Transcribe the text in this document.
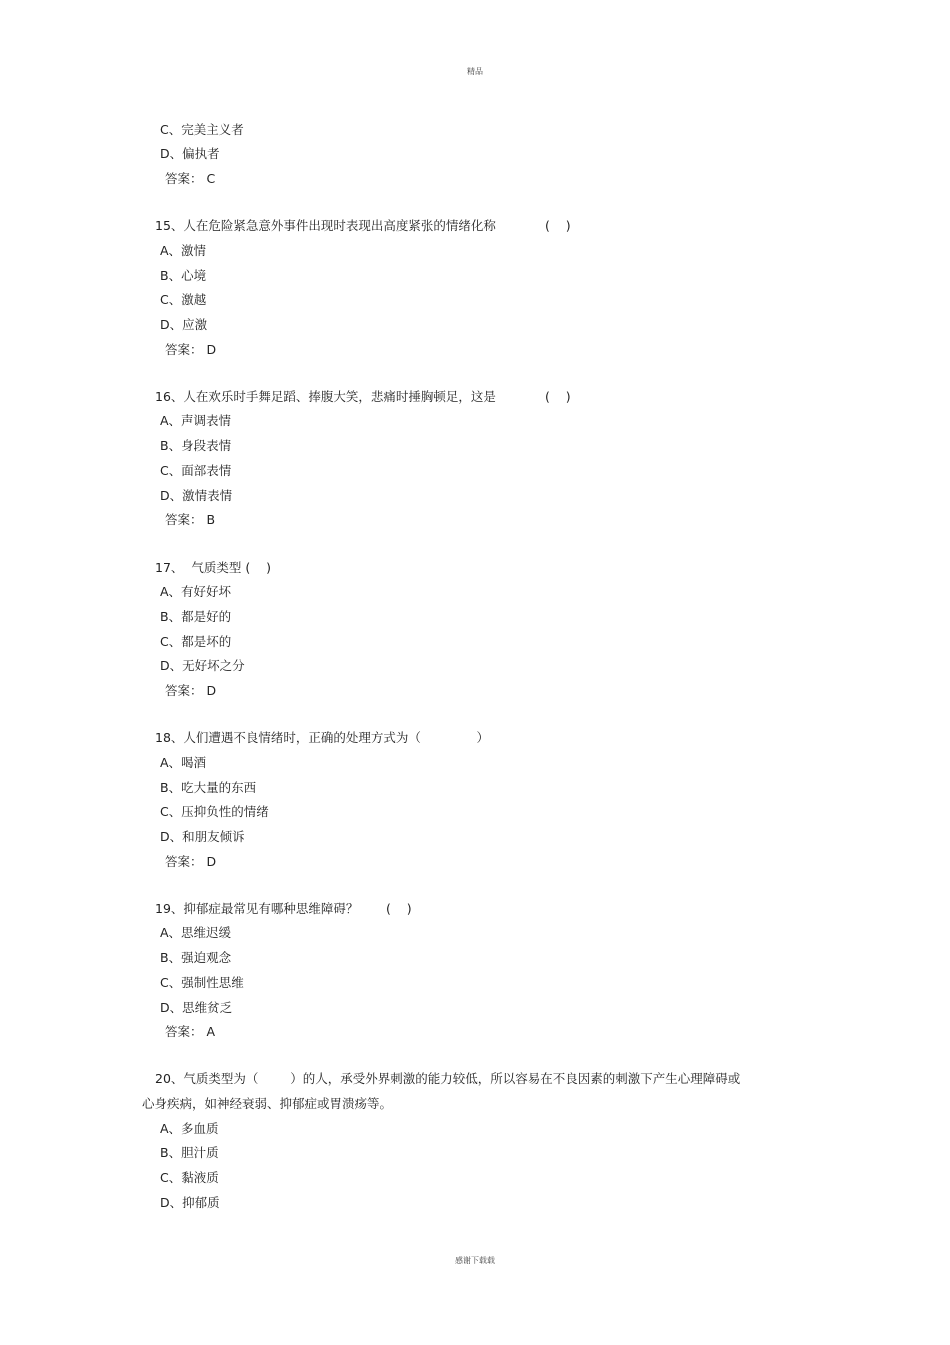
精品
C、完美主义者
D、偏执者
答案： C
15、人在危险紧急意外事件出现时表现出高度紧张的情绪化称	(    )
A、激情
B、心境
C、激越
D、应激
答案： D
16、人在欢乐时手舞足蹈、捧腹大笑，悲痛时捶胸顿足，这是	(    )
A、声调表情
B、身段表情
C、面部表情
D、激情表情
答案： B
17、  气质类型 (    )
A、有好好坏
B、都是好的
C、都是坏的
D、无好坏之分
答案： D
18、人们遭遇不良情绪时，正确的处理方式为（              ）
A、喝酒
B、吃大量的东西
C、压抑负性的情绪
D、和朋友倾诉
答案： D
19、抑郁症最常见有哪种思维障碍？ (    )
A、思维迟缓
B、强迫观念
C、强制性思维
D、思维贫乏
答案： A
20、气质类型为（        ）的人，承受外界刺激的能力较低，所以容易在不良因素的刺激下产生心理障碍或
心身疾病，如神经衰弱、抑郁症或胃溃疡等。
A、多血质
B、胆汁质
C、黏液质
D、抑郁质
感谢下载载
